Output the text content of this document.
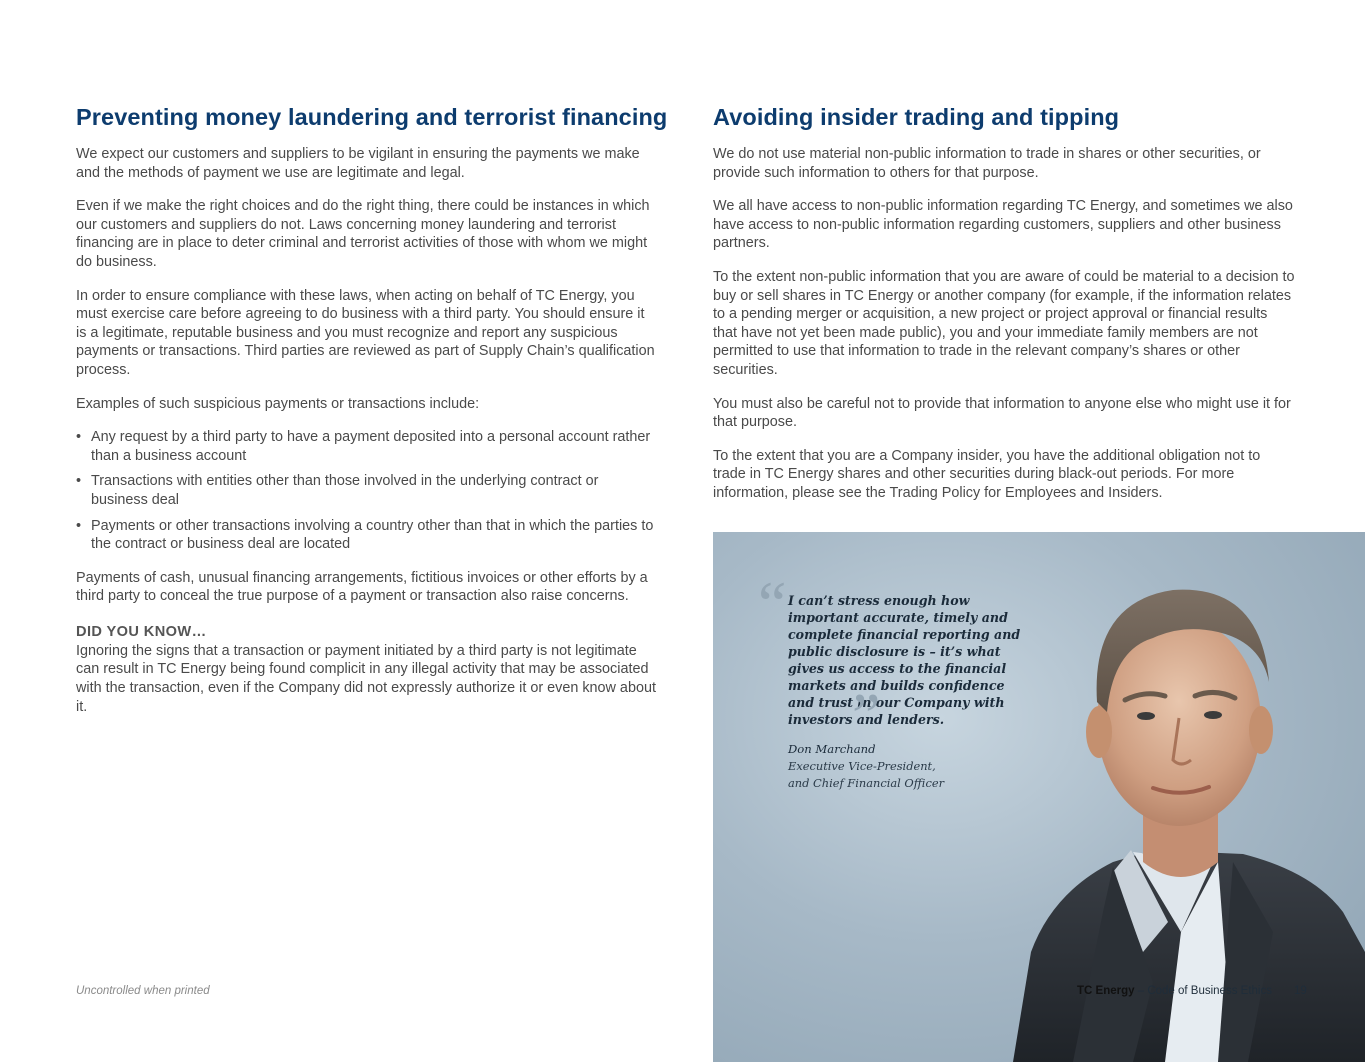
Preventing money laundering and terrorist financing

We expect our customers and suppliers to be vigilant in ensuring the payments we make and the methods of payment we use are legitimate and legal.

Even if we make the right choices and do the right thing, there could be instances in which our customers and suppliers do not. Laws concerning money laundering and terrorist financing are in place to deter criminal and terrorist activities of those with whom we might do business.

In order to ensure compliance with these laws, when acting on behalf of TC Energy, you must exercise care before agreeing to do business with a third party. You should ensure it is a legitimate, reputable business and you must recognize and report any suspicious payments or transactions. Third parties are reviewed as part of Supply Chain’s qualification process.

Examples of such suspicious payments or transactions include:

• Any request by a third party to have a payment deposited into a personal account rather than a business account
• Transactions with entities other than those involved in the underlying contract or business deal
• Payments or other transactions involving a country other than that in which the parties to the contract or business deal are located

Payments of cash, unusual financing arrangements, fictitious invoices or other efforts by a third party to conceal the true purpose of a payment or transaction also raise concerns.

DID YOU KNOW…

Ignoring the signs that a transaction or payment initiated by a third party is not legitimate can result in TC Energy being found complicit in any illegal activity that may be associated with the transaction, even if the Company did not expressly authorize it or even know about it.

Avoiding insider trading and tipping

We do not use material non-public information to trade in shares or other securities, or provide such information to others for that purpose.

We all have access to non-public information regarding TC Energy, and sometimes we also have access to non-public information regarding customers, suppliers and other business partners.

To the extent non-public information that you are aware of could be material to a decision to buy or sell shares in TC Energy or another company (for example, if the information relates to a pending merger or acquisition, a new project or project approval or financial results that have not yet been made public), you and your immediate family members are not permitted to use that information to trade in the relevant company’s shares or other securities.

You must also be careful not to provide that information to anyone else who might use it for that purpose.

To the extent that you are a Company insider, you have the additional obligation not to trade in TC Energy shares and other securities during black-out periods. For more information, please see the Trading Policy for Employees and Insiders.

“ I can’t stress enough how important accurate, timely and complete financial reporting and public disclosure is – it’s what gives us access to the financial markets and builds confidence and trust in our Company with investors and lenders.

”
Don Marchand
Executive Vice-President,
and Chief Financial Officer
Uncontrolled when printed	TC Energy – Code of Business Ethics 19
